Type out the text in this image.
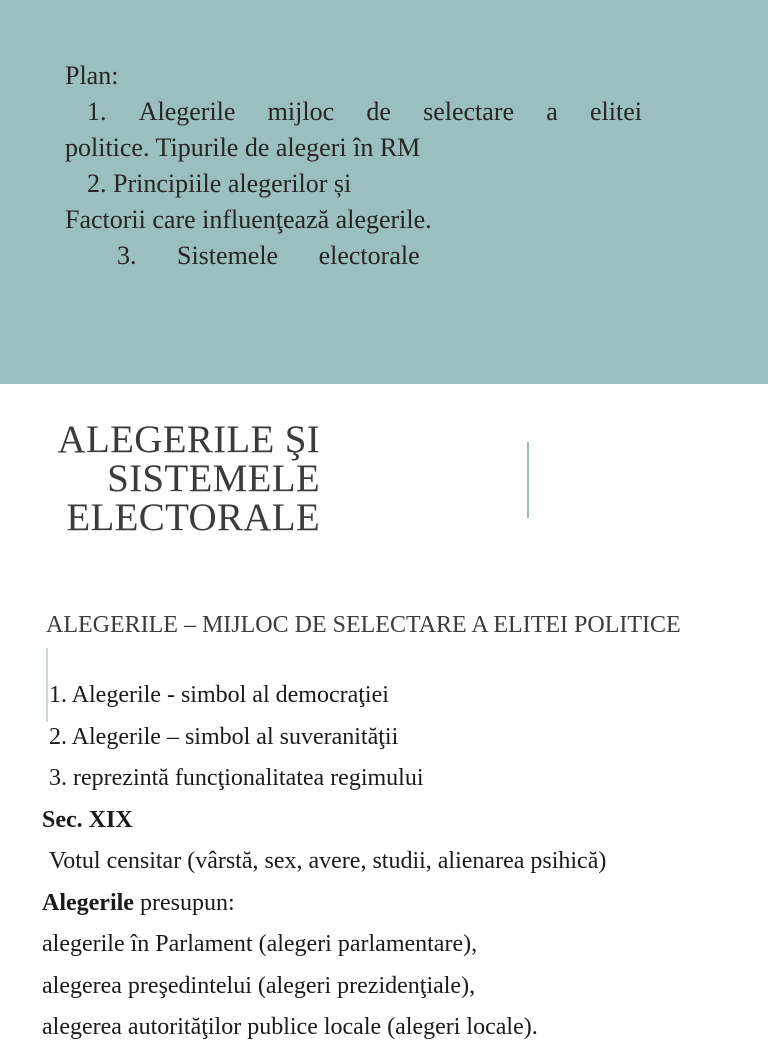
Plan:
1. Alegerile mijloc de selectare a elitei
politice. Tipurile de alegeri în RM
2. Principiile alegerilor și
Factorii care influenţează alegerile.
3. Sistemele electorale
ALEGERILE ŞI
SISTEMELE
ELECTORALE
ALEGERILE – MIJLOC DE SELECTARE A ELITEI POLITICE
1. Alegerile - simbol al democraţiei
2. Alegerile – simbol al suveranităţii
3. reprezintă funcţionalitatea regimului
Sec. XIX
Votul censitar (vârstă, sex, avere, studii, alienarea psihică)
Alegerile presupun:
alegerile în Parlament (alegeri parlamentare),
alegerea preşedintelui (alegeri prezidenţiale),
alegerea autorităţilor publice locale (alegeri locale).
